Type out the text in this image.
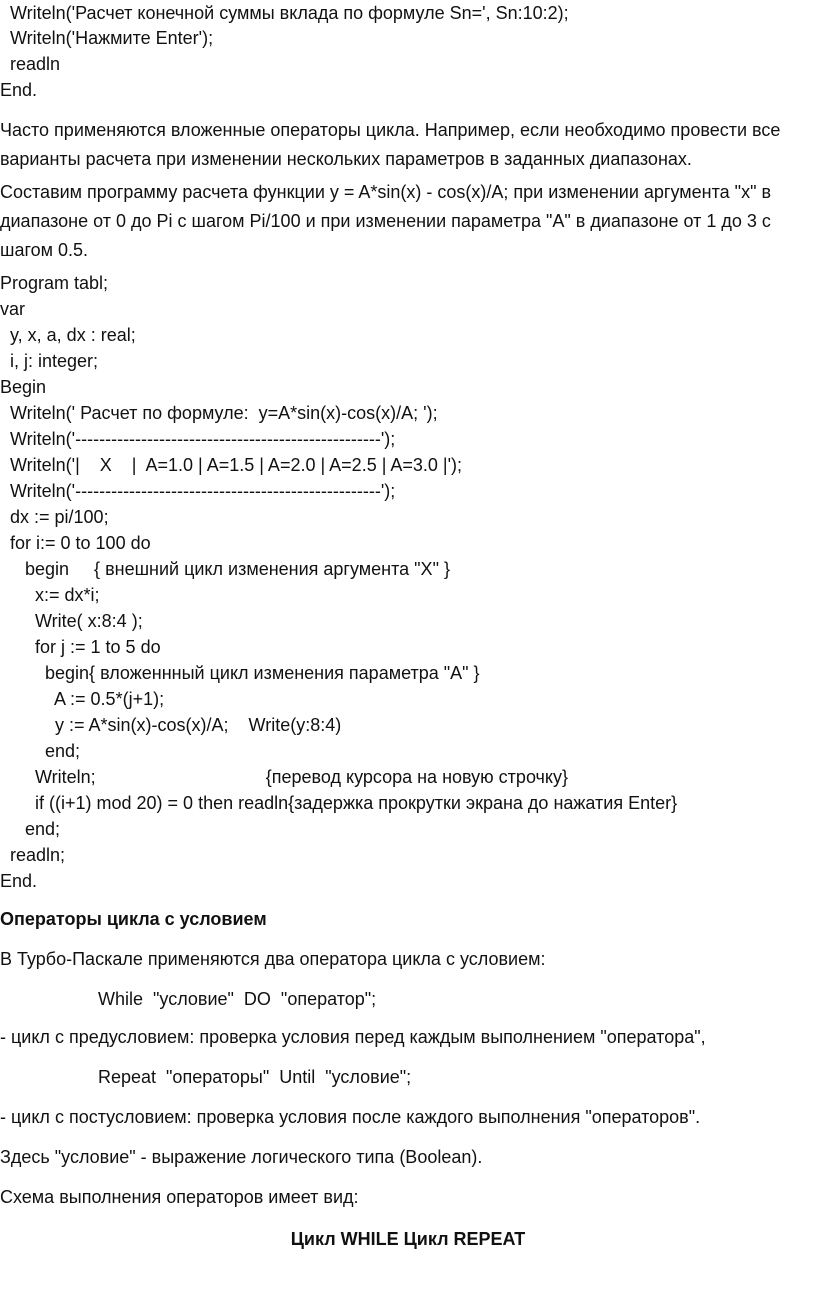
Writeln('Расчет конечной суммы вклада по формуле Sn=', Sn:10:2);
Writeln('Нажмите Enter');
readln
End.
Часто применяются вложенные операторы цикла. Например, если необходимо провести все варианты расчета при изменении нескольких параметров в заданных диапазонах.
Составим программу расчета функции y = A*sin(x) - cos(x)/A; при изменении аргумента "x" в диапазоне от 0 до Pi с шагом Pi/100 и при изменении параметра "A" в диапазоне от 1 до 3 с шагом 0.5.
Program tabl;
var
y, x, a, dx : real;
i, j: integer;
Begin
Writeln(' Расчет по формуле:  y=A*sin(x)-cos(x)/A; ');
Writeln('---------------------------------------------------');
Writeln('|    X    |  A=1.0 | A=1.5 | A=2.0 | A=2.5 | A=3.0 |');
Writeln('---------------------------------------------------');
dx := pi/100;
for i:= 0 to 100 do
begin     { внешний цикл изменения аргумента "X" }
x:= dx*i;
Write( x:8:4 );
for j := 1 to 5 do
begin{ вложеннный цикл изменения параметра "A" }
A := 0.5*(j+1);
y := A*sin(x)-cos(x)/A;    Write(y:8:4)
end;
Writeln;                                  {перевод курсора на новую строчку}
if ((i+1) mod 20) = 0 then readln{задержка прокрутки экрана до нажатия Enter}
end;
readln;
End.
Операторы цикла с условием
В Турбо-Паскале применяются два оператора цикла с условием:
While  "условие"  DO  "оператор";
- цикл с предусловием: проверка условия перед каждым выполнением "оператора",
Repeat  "операторы"  Until  "условие";
- цикл с постусловием: проверка условия после каждого выполнения "операторов".
Здесь "условие" - выражение логического типа (Boolean).
Схема выполнения операторов имеет вид:
Цикл WHILE Цикл REPEAT
